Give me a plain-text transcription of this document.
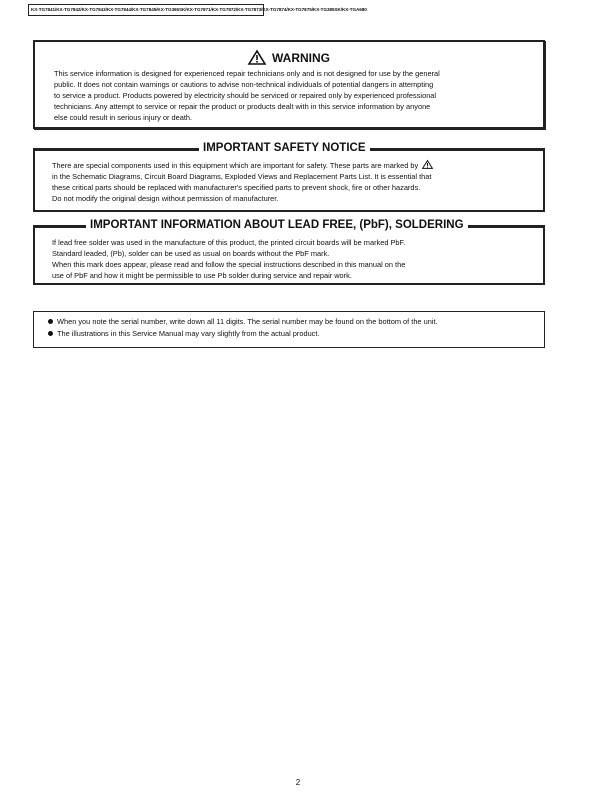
KX-TG7841/KX-TG7842/KX-TG7843/KX-TG7844/KX-TG7845/KX-TG365SK/KX-TG7871/KX-TG7872/KX-TG7873/KX-TG7874/KX-TG7875/KX-TG385SK/KX-TGA680
WARNING
This service information is designed for experienced repair technicians only and is not designed for use by the general
public. It does not contain warnings or cautions to advise non-technical individuals of potential dangers in attempting
to service a product. Products powered by electricity should be serviced or repaired only by experienced professional
technicians. Any attempt to service or repair the product or products dealt with in this service information by anyone
else could result in serious injury or death.
IMPORTANT SAFETY NOTICE
There are special components used in this equipment which are important for safety. These parts are marked by
in the Schematic Diagrams, Circuit Board Diagrams, Exploded Views and Replacement Parts List. It is essential that
these critical parts should be replaced with manufacturer's specified parts to prevent shock, fire or other hazards.
Do not modify the original design without permission of manufacturer.
IMPORTANT INFORMATION ABOUT LEAD FREE, (PbF), SOLDERING
If lead free solder was used in the manufacture of this product, the printed circuit boards will be marked PbF.
Standard leaded, (Pb), solder can be used as usual on boards without the PbF mark.
When this mark does appear, please read and follow the special instructions described in this manual on the
use of PbF and how it might be permissible to use Pb solder during service and repair work.
When you note the serial number, write down all 11 digits. The serial number may be found on the bottom of the unit.
The illustrations in this Service Manual may vary slightly from the actual product.
2
